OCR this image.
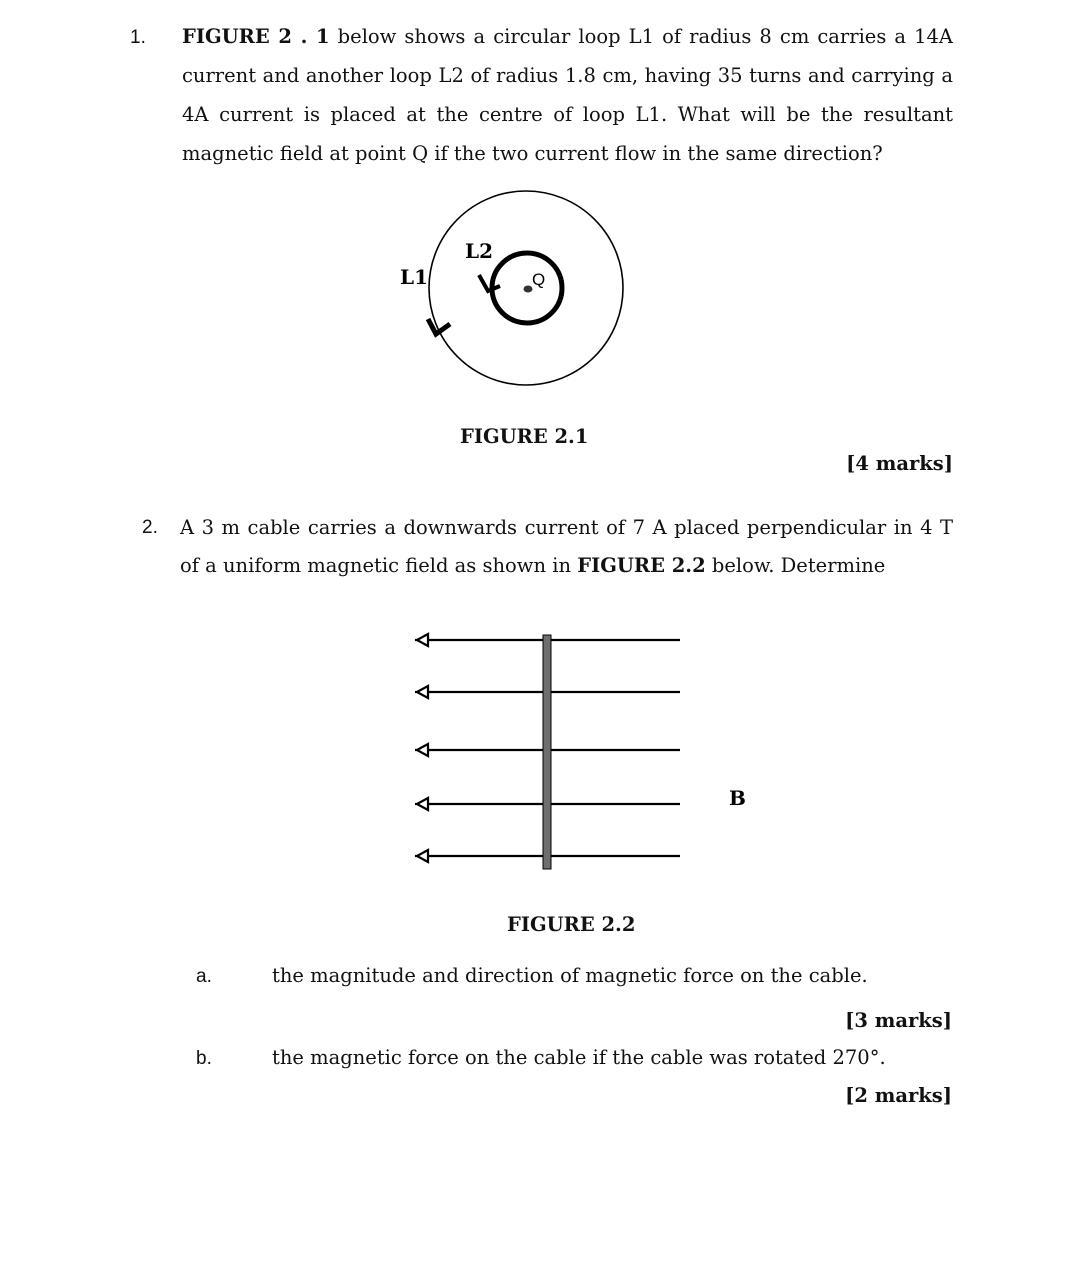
1. FIGURE 2 . 1 below shows a circular loop L1 of radius 8 cm carries a 14A current and another loop L2 of radius 1.8 cm, having 35 turns and carrying a 4A current is placed at the centre of loop L1. What will be the resultant magnetic field at point Q if the two current flow in the same direction?
L1
L2
Q
FIGURE 2.1
[4 marks]
2. A 3 m cable carries a downwards current of 7 A placed perpendicular in 4 T of a uniform magnetic field as shown in FIGURE 2.2 below. Determine
B
FIGURE 2.2
a.	the magnitude and direction of magnetic force on the cable.
[3 marks]
b.	the magnetic force on the cable if the cable was rotated 270°.
[2 marks]
